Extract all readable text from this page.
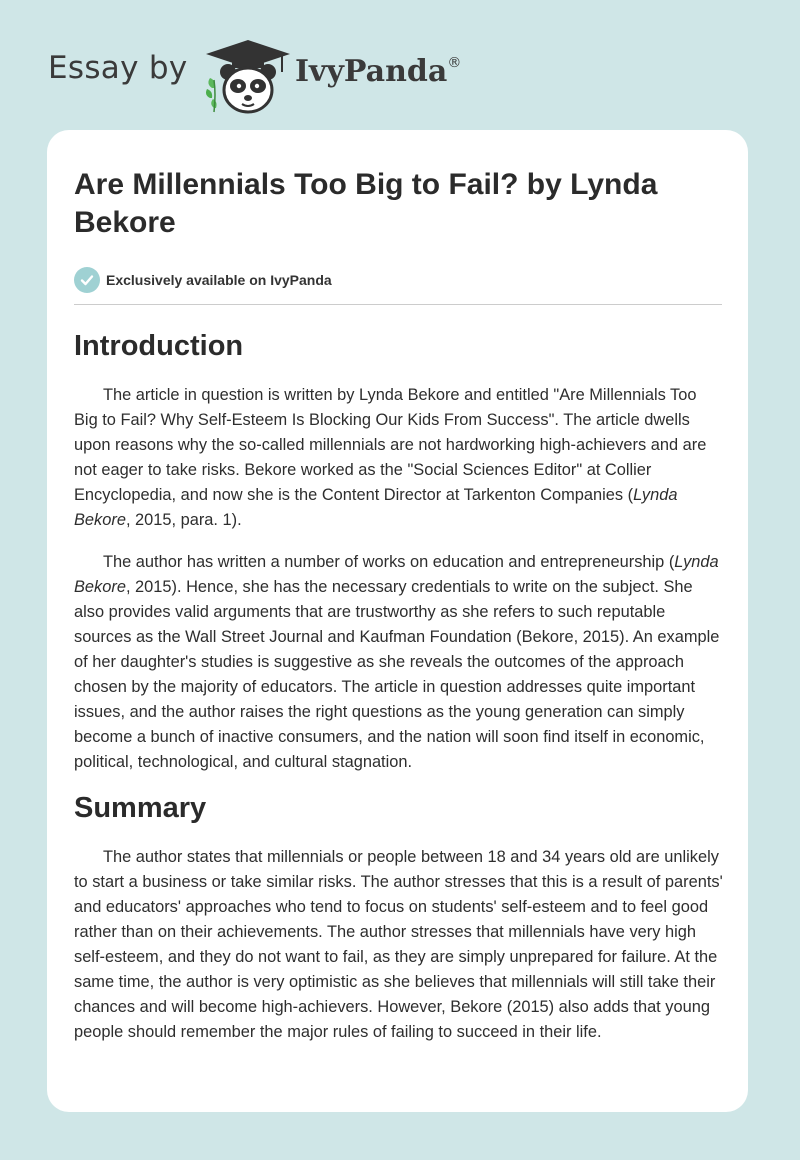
Essay by	IvyPanda®
Are Millennials Too Big to Fail? by Lynda Bekore
Exclusively available on IvyPanda
Introduction

The article in question is written by Lynda Bekore and entitled "Are Millennials Too Big to Fail? Why Self-Esteem Is Blocking Our Kids From Success". The article dwells upon reasons why the so-called millennials are not hardworking high-achievers and are not eager to take risks. Bekore worked as the "Social Sciences Editor" at Collier Encyclopedia, and now she is the Content Director at Tarkenton Companies (Lynda Bekore, 2015, para. 1).

The author has written a number of works on education and entrepreneurship (Lynda Bekore, 2015). Hence, she has the necessary credentials to write on the subject. She also provides valid arguments that are trustworthy as she refers to such reputable sources as the Wall Street Journal and Kaufman Foundation (Bekore, 2015). An example of her daughter's studies is suggestive as she reveals the outcomes of the approach chosen by the majority of educators. The article in question addresses quite important issues, and the author raises the right questions as the young generation can simply become a bunch of inactive consumers, and the nation will soon find itself in economic, political, technological, and cultural stagnation.

Summary

The author states that millennials or people between 18 and 34 years old are unlikely to start a business or take similar risks. The author stresses that this is a result of parents' and educators' approaches who tend to focus on students' self-esteem and to feel good rather than on their achievements. The author stresses that millennials have very high self-esteem, and they do not want to fail, as they are simply unprepared for failure. At the same time, the author is very optimistic as she believes that millennials will still take their chances and will become high-achievers. However, Bekore (2015) also adds that young people should remember the major rules of failing to succeed in their life.
